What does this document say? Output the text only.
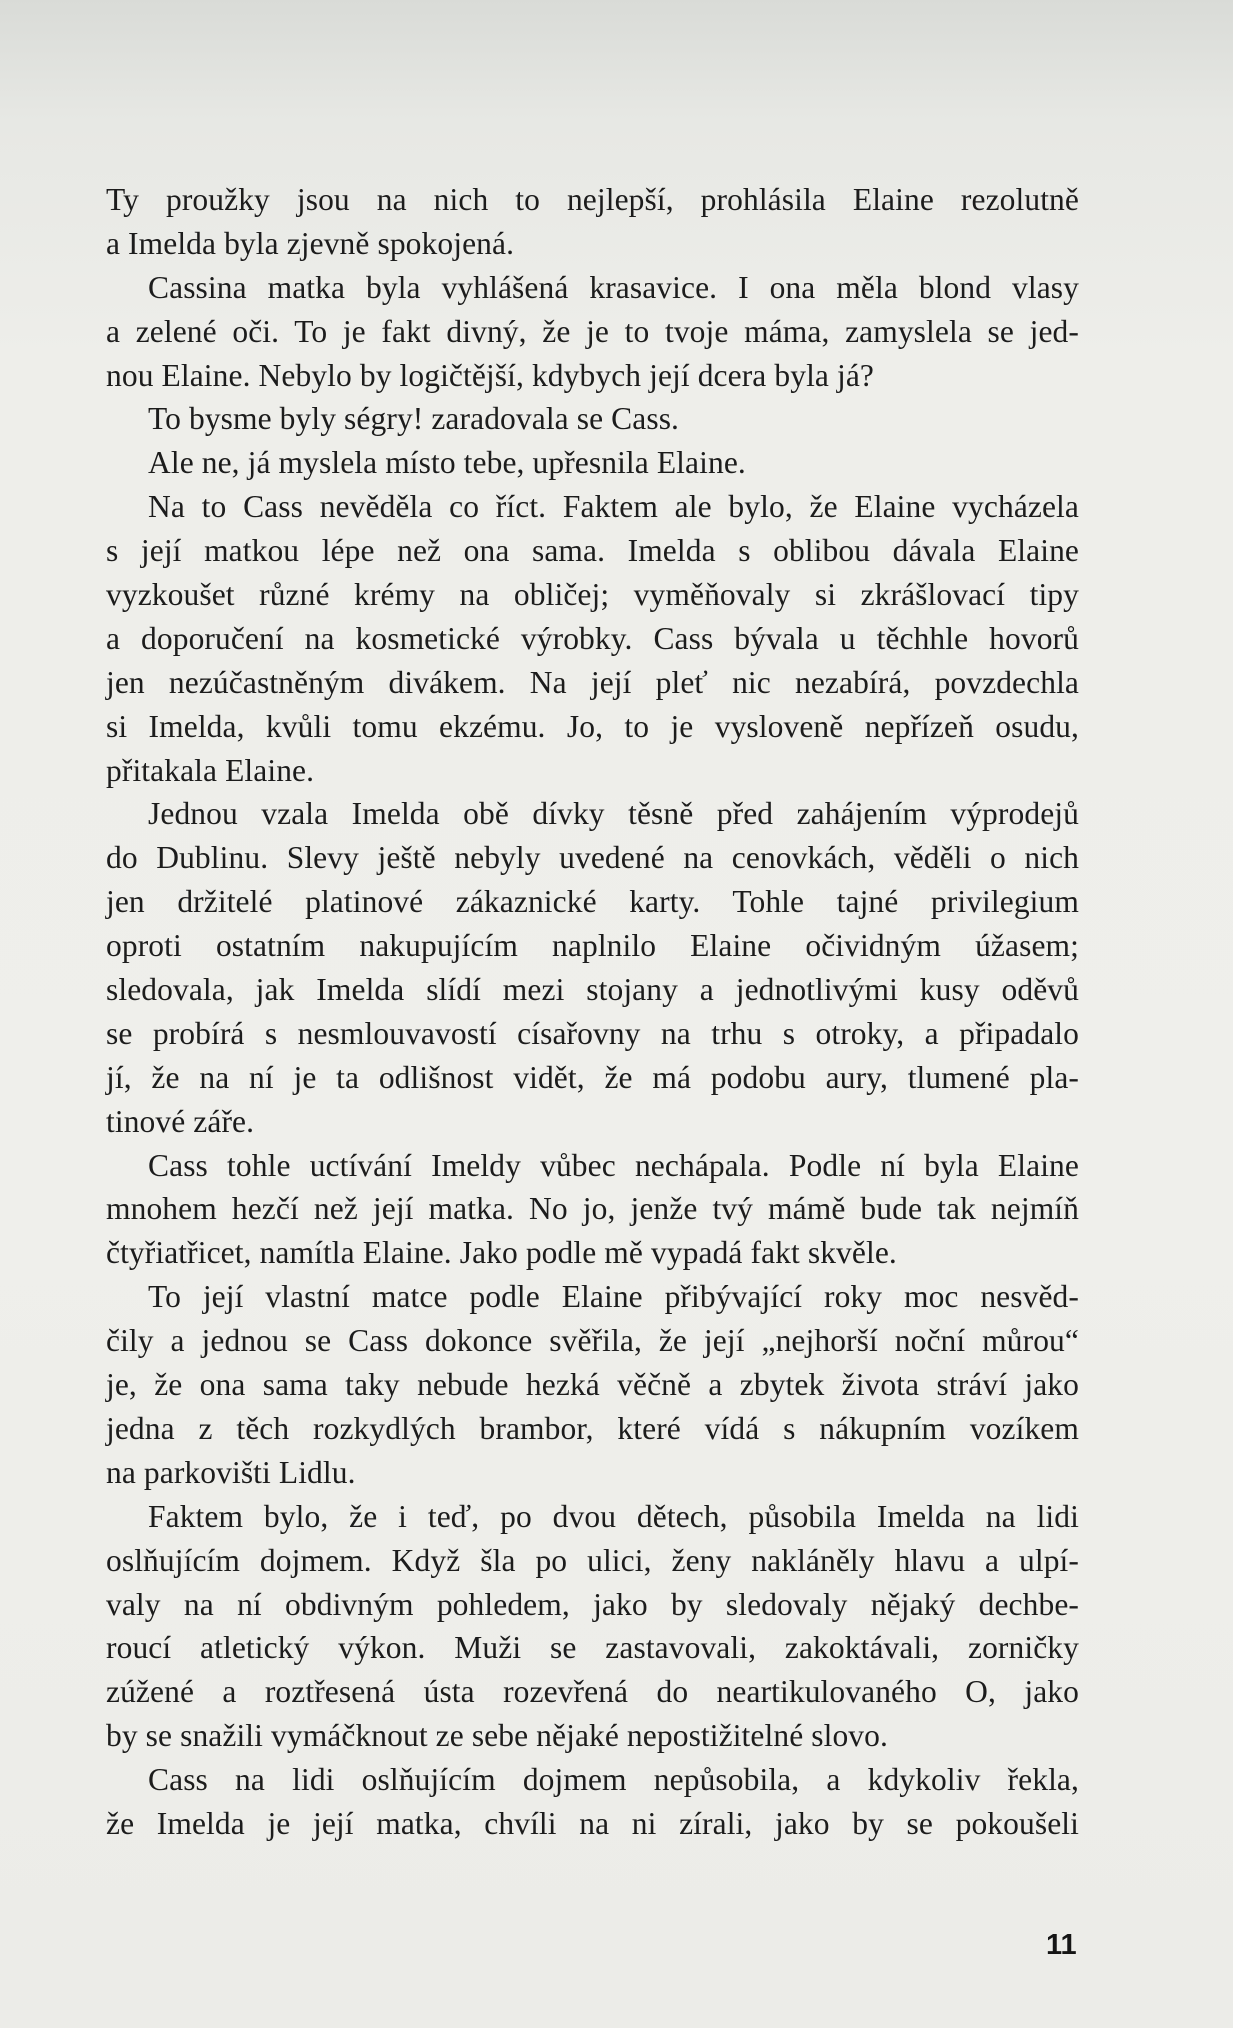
Ty proužky jsou na nich to nejlepší, prohlásila Elaine rezolutně
a Imelda byla zjevně spokojená.
Cassina matka byla vyhlášená krasavice. I ona měla blond vlasy
a zelené oči. To je fakt divný, že je to tvoje máma, zamyslela se jed-
nou Elaine. Nebylo by logičtější, kdybych její dcera byla já?
To bysme byly ségry! zaradovala se Cass.
Ale ne, já myslela místo tebe, upřesnila Elaine.
Na to Cass nevěděla co říct. Faktem ale bylo, že Elaine vycházela
s její matkou lépe než ona sama. Imelda s oblibou dávala Elaine
vyzkoušet různé krémy na obličej; vyměňovaly si zkrášlovací tipy
a doporučení na kosmetické výrobky. Cass bývala u těchhle hovorů
jen nezúčastněným divákem. Na její pleť nic nezabírá, povzdechla
si Imelda, kvůli tomu ekzému. Jo, to je vysloveně nepřízeň osudu,
přitakala Elaine.
Jednou vzala Imelda obě dívky těsně před zahájením výprodejů
do Dublinu. Slevy ještě nebyly uvedené na cenovkách, věděli o nich
jen držitelé platinové zákaznické karty. Tohle tajné privilegium
oproti ostatním nakupujícím naplnilo Elaine očividným úžasem;
sledovala, jak Imelda slídí mezi stojany a jednotlivými kusy oděvů
se probírá s nesmlouvavostí císařovny na trhu s otroky, a připadalo
jí, že na ní je ta odlišnost vidět, že má podobu aury, tlumené pla-
tinové záře.
Cass tohle uctívání Imeldy vůbec nechápala. Podle ní byla Elaine
mnohem hezčí než její matka. No jo, jenže tvý mámě bude tak nejmíň
čtyřiatřicet, namítla Elaine. Jako podle mě vypadá fakt skvěle.
To její vlastní matce podle Elaine přibývající roky moc nesvěd-
čily a jednou se Cass dokonce svěřila, že její „nejhorší noční můrou“
je, že ona sama taky nebude hezká věčně a zbytek života stráví jako
jedna z těch rozkydlých brambor, které vídá s nákupním vozíkem
na parkovišti Lidlu.
Faktem bylo, že i teď, po dvou dětech, působila Imelda na lidi
oslňujícím dojmem. Když šla po ulici, ženy nakláněly hlavu a ulpí-
valy na ní obdivným pohledem, jako by sledovaly nějaký dechbe-
roucí atletický výkon. Muži se zastavovali, zakoktávali, zorničky
zúžené a roztřesená ústa rozevřená do neartikulovaného O, jako
by se snažili vymáčknout ze sebe nějaké nepostižitelné slovo.
Cass na lidi oslňujícím dojmem nepůsobila, a kdykoliv řekla,
že Imelda je její matka, chvíli na ni zírali, jako by se pokoušeli
11
